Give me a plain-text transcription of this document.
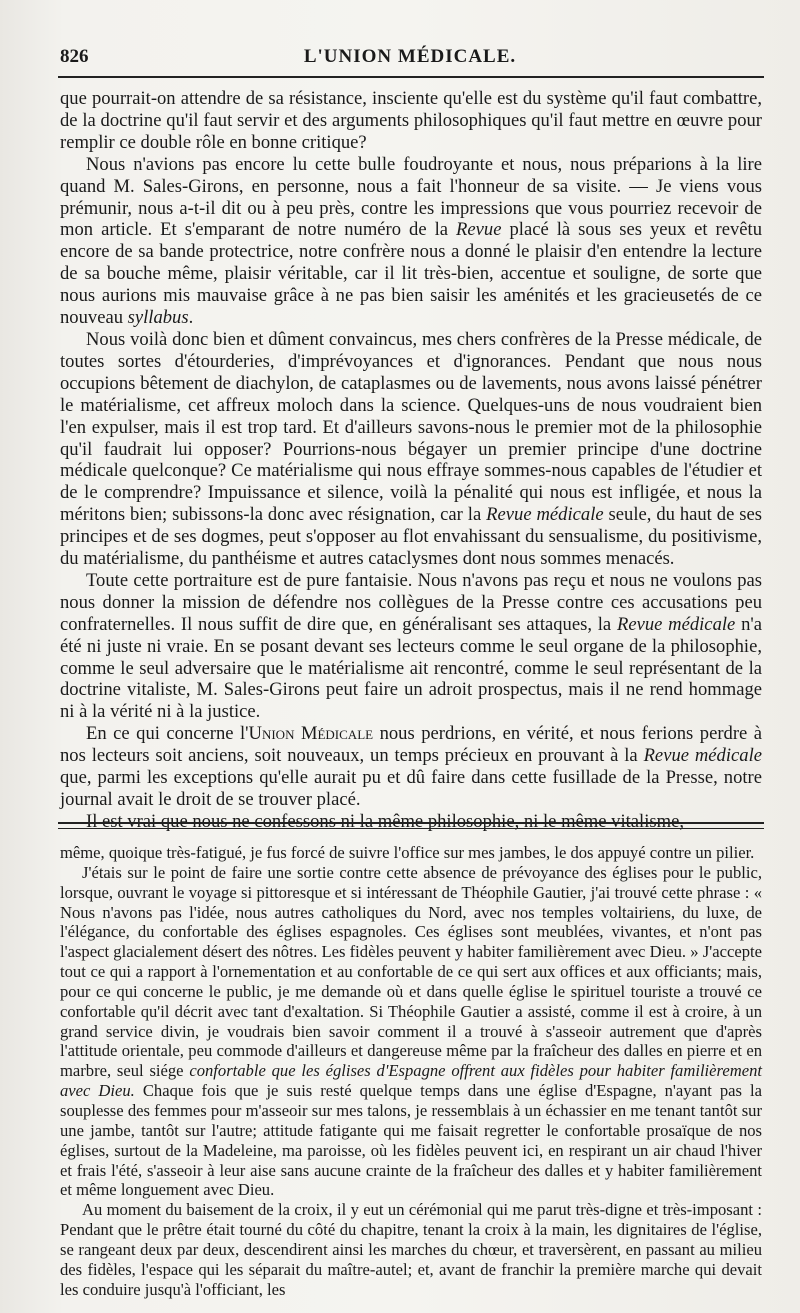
826	L'UNION MÉDICALE.

que pourrait-on attendre de sa résistance, insciente qu'elle est du système qu'il faut combattre, de la doctrine qu'il faut servir et des arguments philosophiques qu'il faut mettre en œuvre pour remplir ce double rôle en bonne critique?

Nous n'avions pas encore lu cette bulle foudroyante et nous, nous préparions à la lire quand M. Sales-Girons, en personne, nous a fait l'honneur de sa visite. — Je viens vous prémunir, nous a-t-il dit ou à peu près, contre les impressions que vous pourriez recevoir de mon article. Et s'emparant de notre numéro de la Revue placé là sous ses yeux et revêtu encore de sa bande protectrice, notre confrère nous a donné le plaisir d'en entendre la lecture de sa bouche même, plaisir véritable, car il lit très-bien, accentue et souligne, de sorte que nous aurions mis mauvaise grâce à ne pas bien saisir les aménités et les gracieusetés de ce nouveau syllabus.

Nous voilà donc bien et dûment convaincus, mes chers confrères de la Presse médicale, de toutes sortes d'étourderies, d'imprévoyances et d'ignorances. Pendant que nous nous occupions bêtement de diachylon, de cataplasmes ou de lavements, nous avons laissé pénétrer le matérialisme, cet affreux moloch dans la science. Quelques-uns de nous voudraient bien l'en expulser, mais il est trop tard. Et d'ailleurs savons-nous le premier mot de la philosophie qu'il faudrait lui opposer? Pourrions-nous bégayer un premier principe d'une doctrine médicale quelconque? Ce matérialisme qui nous effraye sommes-nous capables de l'étudier et de le comprendre? Impuissance et silence, voilà la pénalité qui nous est infligée, et nous la méritons bien; subissons-la donc avec résignation, car la Revue médicale seule, du haut de ses principes et de ses dogmes, peut s'opposer au flot envahissant du sensualisme, du positivisme, du matérialisme, du panthéisme et autres cataclysmes dont nous sommes menacés.

Toute cette portraiture est de pure fantaisie. Nous n'avons pas reçu et nous ne voulons pas nous donner la mission de défendre nos collègues de la Presse contre ces accusations peu confraternelles. Il nous suffit de dire que, en généralisant ses attaques, la Revue médicale n'a été ni juste ni vraie. En se posant devant ses lecteurs comme le seul organe de la philosophie, comme le seul adversaire que le matérialisme ait rencontré, comme le seul représentant de la doctrine vitaliste, M. Sales-Girons peut faire un adroit prospectus, mais il ne rend hommage ni à la vérité ni à la justice.

En ce qui concerne l'Union Médicale nous perdrions, en vérité, et nous ferions perdre à nos lecteurs soit anciens, soit nouveaux, un temps précieux en prouvant à la Revue médicale que, parmi les exceptions qu'elle aurait pu et dû faire dans cette fusillade de la Presse, notre journal avait le droit de se trouver placé.

Il est vrai que nous ne confessons ni la même philosophie, ni le même vitalisme,

même, quoique très-fatigué, je fus forcé de suivre l'office sur mes jambes, le dos appuyé contre un pilier.

J'étais sur le point de faire une sortie contre cette absence de prévoyance des églises pour le public, lorsque, ouvrant le voyage si pittoresque et si intéressant de Théophile Gautier, j'ai trouvé cette phrase : « Nous n'avons pas l'idée, nous autres catholiques du Nord, avec nos temples voltairiens, du luxe, de l'élégance, du confortable des églises espagnoles. Ces églises sont meublées, vivantes, et n'ont pas l'aspect glacialement désert des nôtres. Les fidèles peuvent y habiter familièrement avec Dieu. » J'accepte tout ce qui a rapport à l'ornementation et au confortable de ce qui sert aux offices et aux officiants; mais, pour ce qui concerne le public, je me demande où et dans quelle église le spirituel touriste a trouvé ce confortable qu'il décrit avec tant d'exaltation. Si Théophile Gautier a assisté, comme il est à croire, à un grand service divin, je voudrais bien savoir comment il a trouvé à s'asseoir autrement que d'après l'attitude orientale, peu commode d'ailleurs et dangereuse même par la fraîcheur des dalles en pierre et en marbre, seul siége confortable que les églises d'Espagne offrent aux fidèles pour habiter familièrement avec Dieu. Chaque fois que je suis resté quelque temps dans une église d'Espagne, n'ayant pas la souplesse des femmes pour m'asseoir sur mes talons, je ressemblais à un échassier en me tenant tantôt sur une jambe, tantôt sur l'autre; attitude fatigante qui me faisait regretter le confortable prosaïque de nos églises, surtout de la Madeleine, ma paroisse, où les fidèles peuvent ici, en respirant un air chaud l'hiver et frais l'été, s'asseoir à leur aise sans aucune crainte de la fraîcheur des dalles et y habiter familièrement et même longuement avec Dieu.

Au moment du baisement de la croix, il y eut un cérémonial qui me parut très-digne et très-imposant : Pendant que le prêtre était tourné du côté du chapitre, tenant la croix à la main, les dignitaires de l'église, se rangeant deux par deux, descendirent ainsi les marches du chœur, et traversèrent, en passant au milieu des fidèles, l'espace qui les séparait du maître-autel; et, avant de franchir la première marche qui devait les conduire jusqu'à l'officiant, les
